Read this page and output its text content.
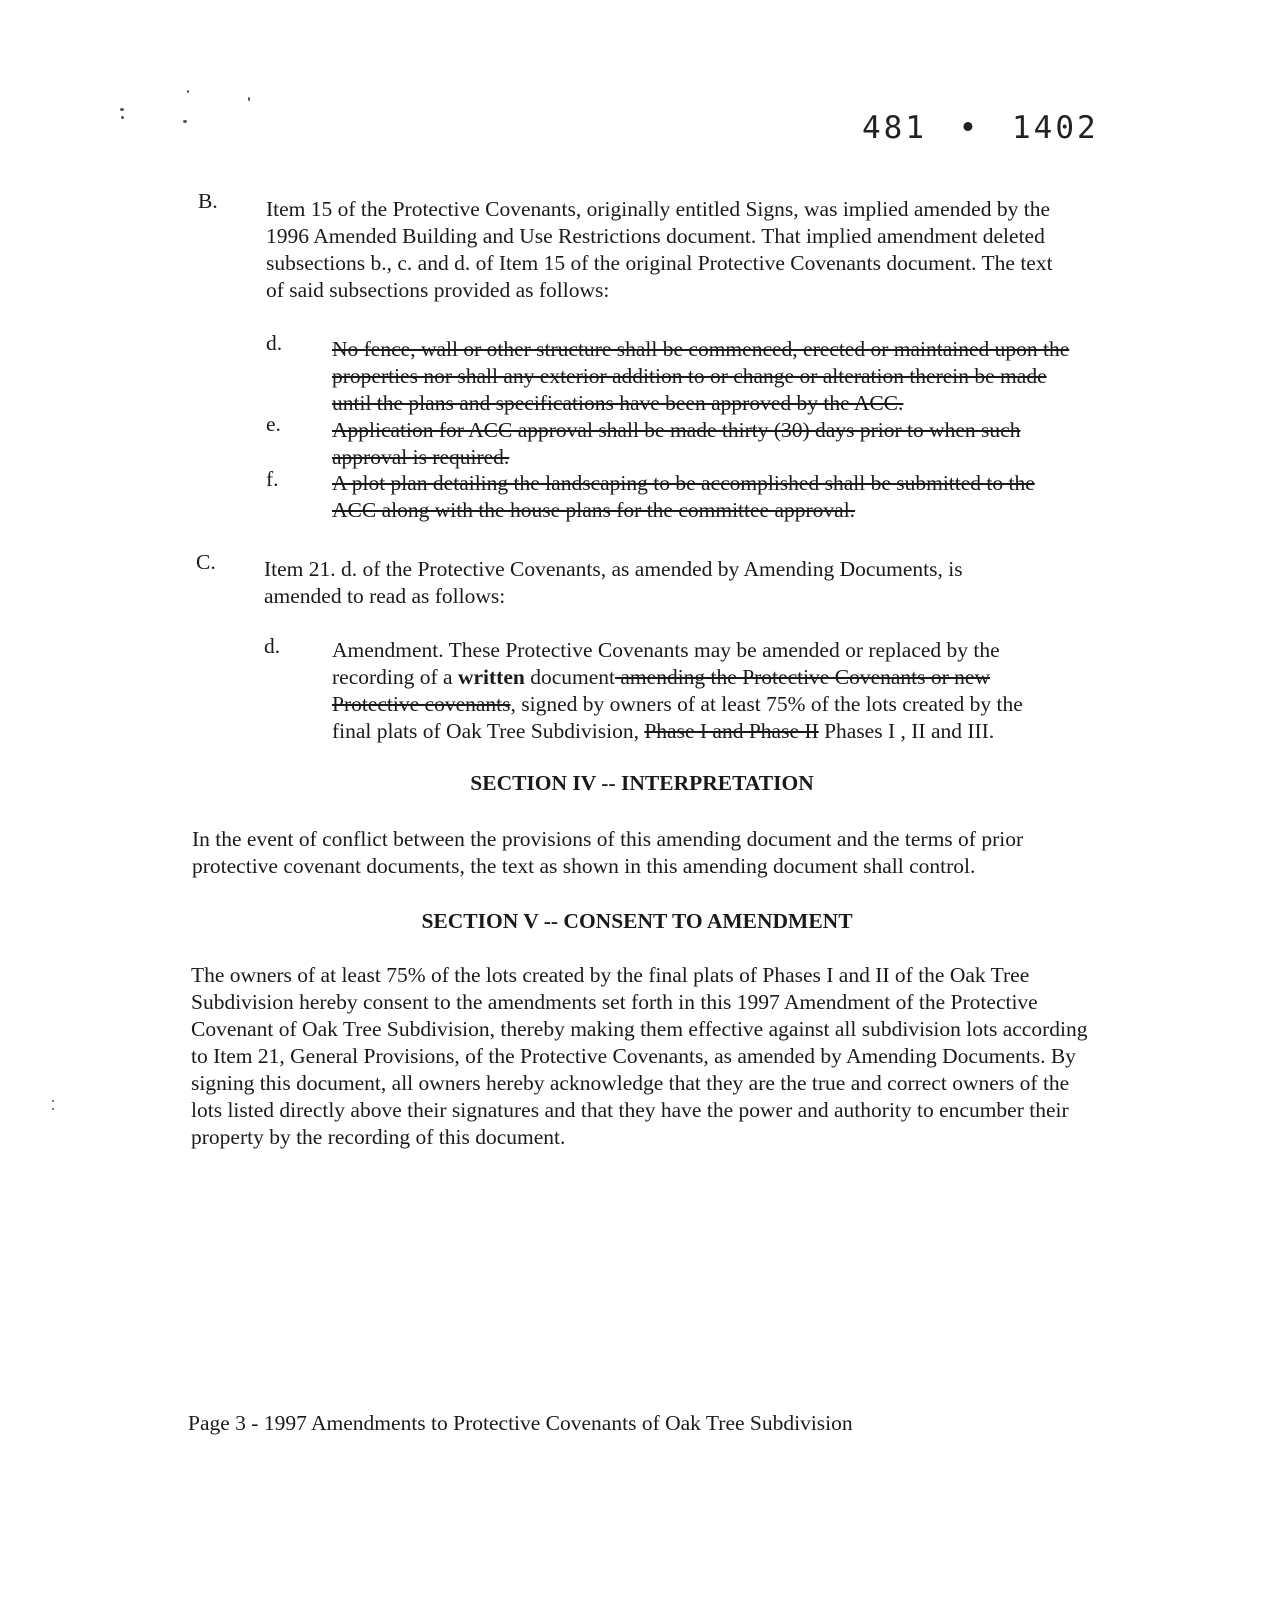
481 • 1402
B. Item 15 of the Protective Covenants, originally entitled Signs, was implied amended by the 1996 Amended Building and Use Restrictions document. That implied amendment deleted subsections b., c. and d. of Item 15 of the original Protective Covenants document. The text of said subsections provided as follows:
d. No fence, wall or other structure shall be commenced, erected or maintained upon the properties nor shall any exterior addition to or change or alteration therein be made until the plans and specifications have been approved by the ACC.
e. Application for ACC approval shall be made thirty (30) days prior to when such approval is required.
f. A plot plan detailing the landscaping to be accomplished shall be submitted to the ACC along with the house plans for the committee approval.
C. Item 21. d. of the Protective Covenants, as amended by Amending Documents, is amended to read as follows:
d. Amendment. These Protective Covenants may be amended or replaced by the recording of a written document amending the Protective Covenants or new Protective covenants, signed by owners of at least 75% of the lots created by the final plats of Oak Tree Subdivision, Phase I and Phase II Phases I , II and III.
SECTION IV -- INTERPRETATION
In the event of conflict between the provisions of this amending document and the terms of prior protective covenant documents, the text as shown in this amending document shall control.
SECTION V -- CONSENT TO AMENDMENT
The owners of at least 75% of the lots created by the final plats of Phases I and II of the Oak Tree Subdivision hereby consent to the amendments set forth in this 1997 Amendment of the Protective Covenant of Oak Tree Subdivision, thereby making them effective against all subdivision lots according to Item 21, General Provisions, of the Protective Covenants, as amended by Amending Documents. By signing this document, all owners hereby acknowledge that they are the true and correct owners of the lots listed directly above their signatures and that they have the power and authority to encumber their property by the recording of this document.
Page 3 - 1997 Amendments to Protective Covenants of Oak Tree Subdivision
